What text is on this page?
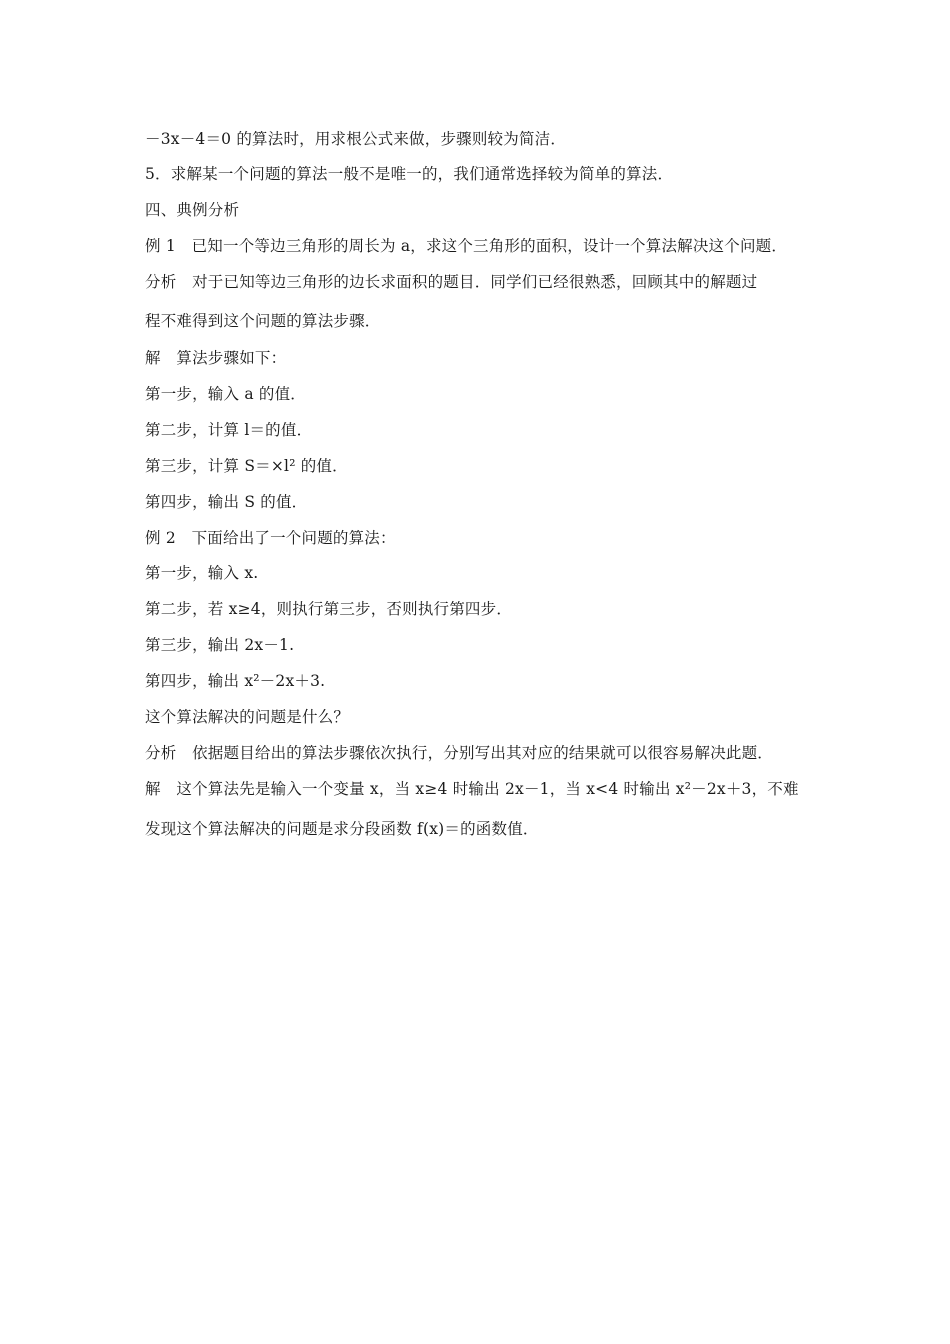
－3x－4＝0 的算法时，用求根公式来做，步骤则较为简洁．
5．求解某一个问题的算法一般不是唯一的，我们通常选择较为简单的算法．
四、典例分析
例 1　已知一个等边三角形的周长为 a，求这个三角形的面积，设计一个算法解决这个问题．
分析　对于已知等边三角形的边长求面积的题目．同学们已经很熟悉，回顾其中的解题过
程不难得到这个问题的算法步骤．
解　算法步骤如下：
第一步，输入 a 的值．
第二步，计算 l＝的值．
第三步，计算 S＝×l² 的值．
第四步，输出 S 的值．
例 2　下面给出了一个问题的算法：
第一步，输入 x.
第二步，若 x≥4，则执行第三步，否则执行第四步．
第三步，输出 2x－1.
第四步，输出 x²－2x＋3.
这个算法解决的问题是什么？
分析　依据题目给出的算法步骤依次执行，分别写出其对应的结果就可以很容易解决此题．
解　这个算法先是输入一个变量 x，当 x≥4 时输出 2x－1，当 x<4 时输出 x²－2x＋3，不难
发现这个算法解决的问题是求分段函数 f(x)＝的函数值．
